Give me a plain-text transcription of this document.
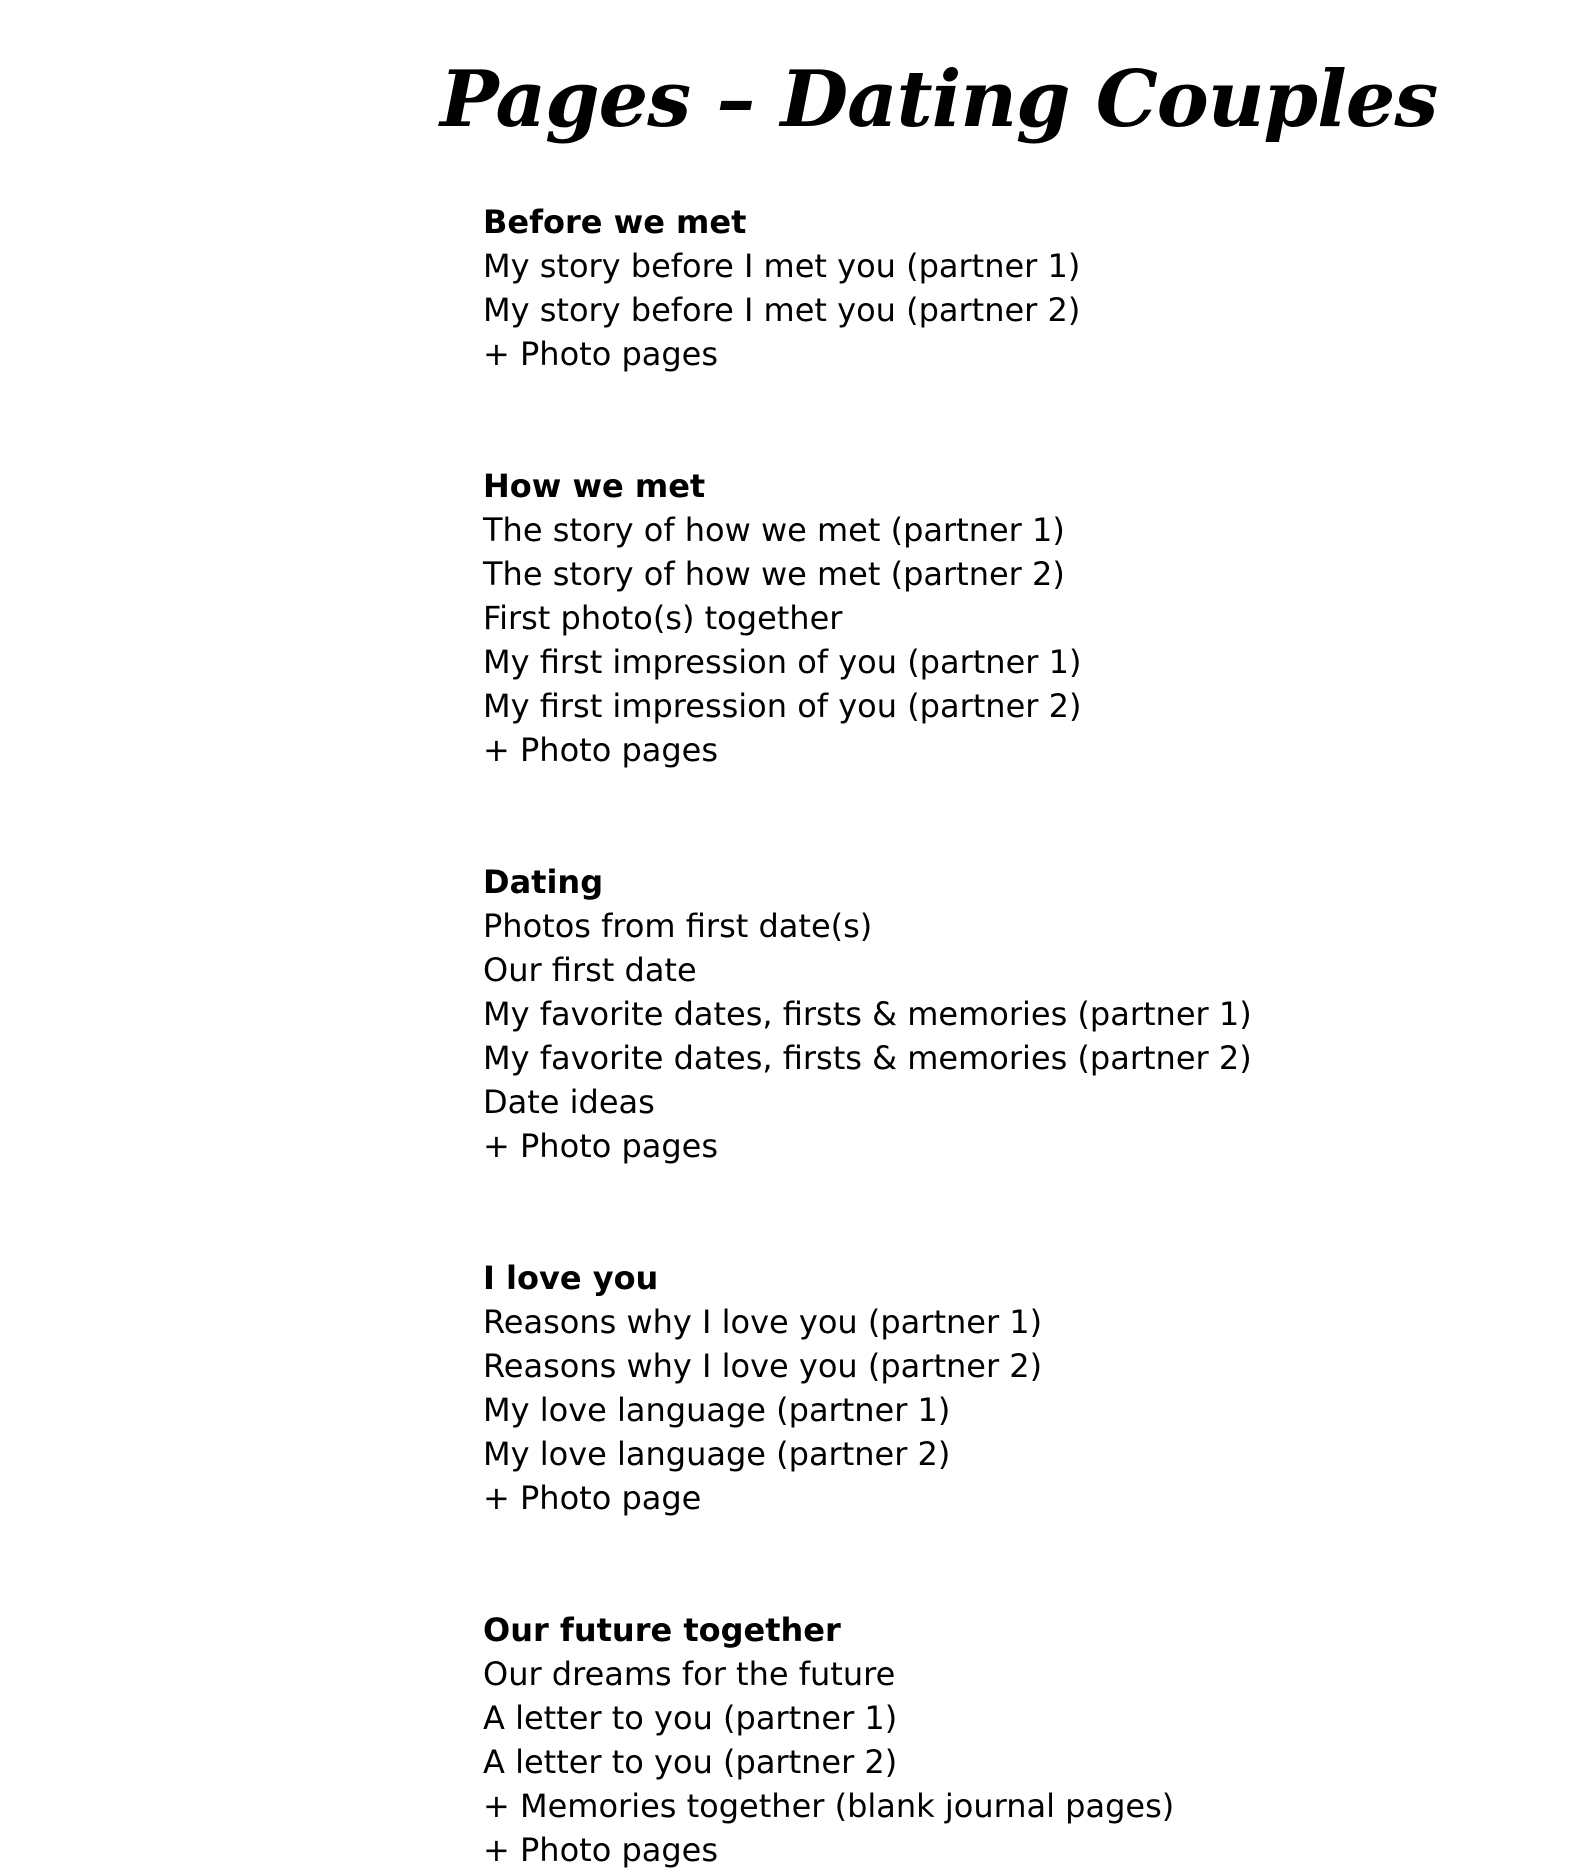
Pages – Dating Couples
Before we met
My story before I met you (partner 1)
My story before I met you (partner 2)
+ Photo pages
How we met
The story of how we met (partner 1)
The story of how we met (partner 2)
First photo(s) together
My first impression of you (partner 1)
My first impression of you (partner 2)
+ Photo pages
Dating
Photos from first date(s)
Our first date
My favorite dates, firsts & memories (partner 1)
My favorite dates, firsts & memories (partner 2)
Date ideas
+ Photo pages
I love you
Reasons why I love you (partner 1)
Reasons why I love you (partner 2)
My love language (partner 1)
My love language (partner 2)
+ Photo page
Our future together
Our dreams for the future
A letter to you (partner 1)
A letter to you (partner 2)
+ Memories together (blank journal pages)
+ Photo pages
